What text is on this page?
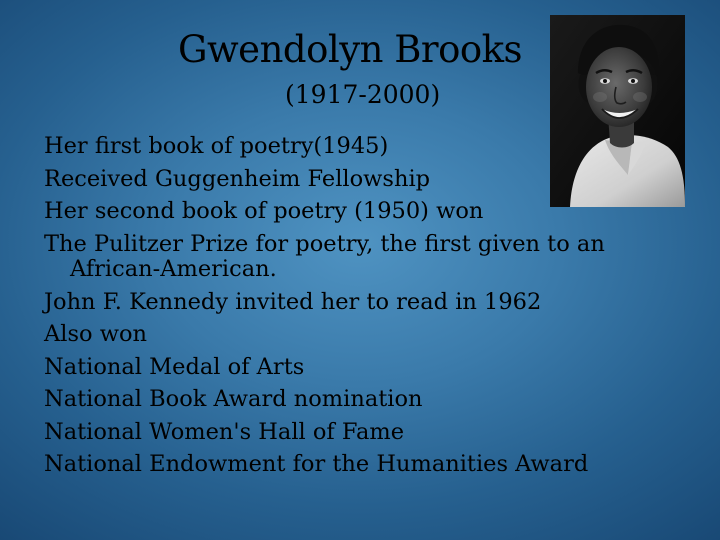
Gwendolyn Brooks
(1917-2000)
Her first book of poetry(1945)
Received Guggenheim Fellowship
Her second book of poetry (1950) won
The Pulitzer Prize for poetry, the first given to an African-American.
John F. Kennedy invited her to read in 1962
Also won
National Medal of Arts
National Book Award nomination
National Women's Hall of Fame
National Endowment for the Humanities Award
